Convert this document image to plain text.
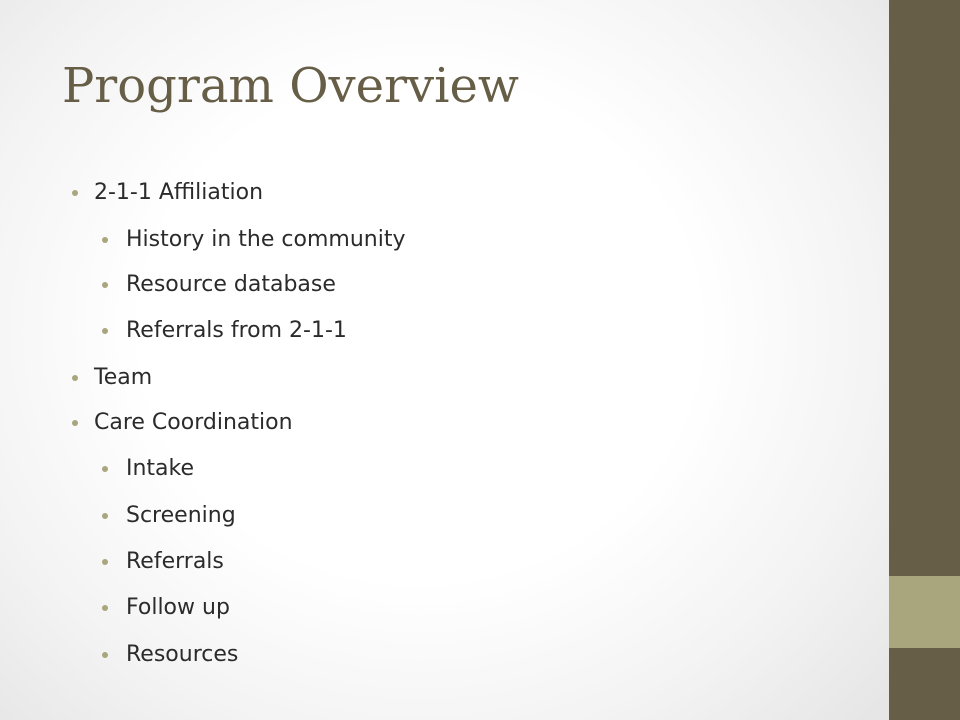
Program Overview
2-1-1 Affiliation
History in the community
Resource database
Referrals from 2-1-1
Team
Care Coordination
Intake
Screening
Referrals
Follow up
Resources
